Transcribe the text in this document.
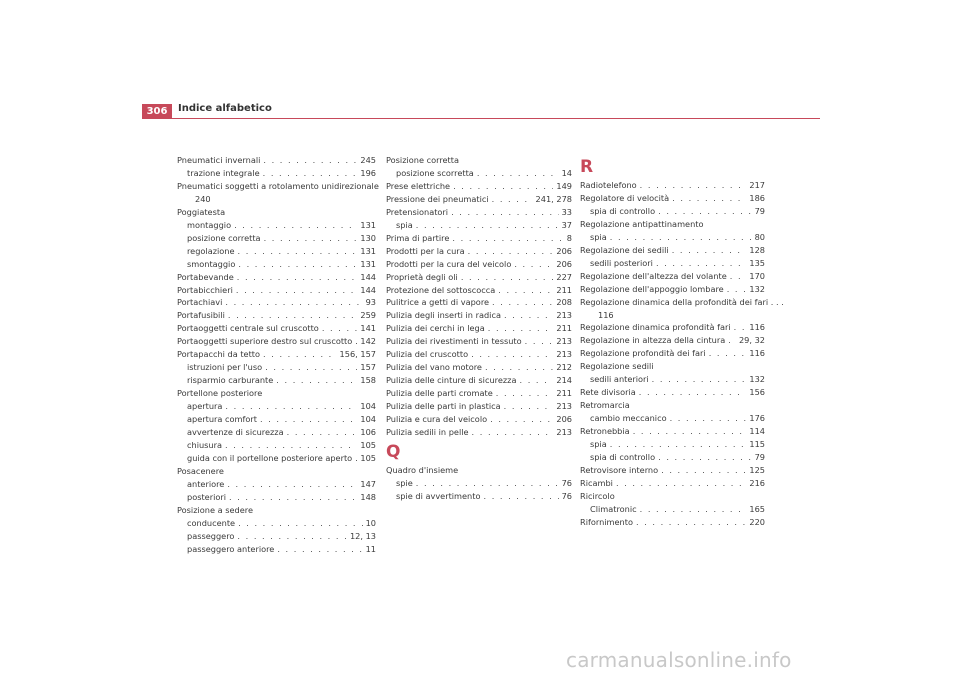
306	Indice alfabetico
Pneumatici invernali . . .	245
trazione integrale . . .	196
Pneumatici soggetti a rotolamento unidirezionale
240
Poggiatesta
montaggio . . .	131
posizione corretta . . .	130
regolazione . . .	131
smontaggio . . .	131
Portabevande . . .	144
Portabicchieri . . .	144
Portachiavi . . .	93
Portafusibili . . .	259
Portaoggetti centrale sul cruscotto . . .	141
Portaoggetti superiore destro sul cruscotto . . . 142
Portapacchi da tetto . . .	156, 157
istruzioni per l'uso . . .	157
risparmio carburante . . .	158
Portellone posteriore
apertura . . .	104
apertura comfort . . .	104
avvertenze di sicurezza . . .	106
chiusura . . .	105
guida con il portellone posteriore aperto . . . 105
Posacenere
anteriore . . .	147
posteriori . . .	148
Posizione a sedere
conducente . . .	10
passeggero . . .	12, 13
passeggero anteriore . . .	11
Posizione corretta
posizione scorretta . . .	14
Prese elettriche . . .	149
Pressione dei pneumatici . . .	241, 278
Pretensionatori . . .	33
spia . . .	37
Prima di partire . . .	8
Prodotti per la cura . . .	206
Prodotti per la cura del veicolo . . .	206
Proprietà degli oli . . .	227
Protezione del sottoscocca . . .	211
Pulitrice a getti di vapore . . .	208
Pulizia degli inserti in radica . . .	213
Pulizia dei cerchi in lega . . .	211
Pulizia dei rivestimenti in tessuto . . .	213
Pulizia del cruscotto . . .	213
Pulizia del vano motore . . .	212
Pulizia delle cinture di sicurezza . . .	214
Pulizia delle parti cromate . . .	211
Pulizia delle parti in plastica . . .	213
Pulizia e cura del veicolo . . .	206
Pulizia sedili in pelle . . .	213
Q
Quadro d'insieme
spie . . .	76
spie di avvertimento . . .	76
R
Radiotelefono . . .	217
Regolatore di velocità . . .	186
spia di controllo . . .	79
Regolazione antipattinamento
spia . . .	80
Regolazione dei sedili . . .	128
sedili posteriori . . .	135
Regolazione dell'altezza del volante . . .	170
Regolazione dell'appoggio lombare . . .	132
Regolazione dinamica della profondità dei fari . . .
116
Regolazione dinamica profondità fari . . . 116
Regolazione in altezza della cintura . . . 29, 32
Regolazione profondità dei fari . . .	116
Regolazione sedili
sedili anteriori . . .	132
Rete divisoria . . .	156
Retromarcia
cambio meccanico . . .	176
Retronebbia . . .	114
spia . . .	115
spia di controllo . . .	79
Retrovisore interno . . .	125
Ricambi . . .	216
Ricircolo
Climatronic . . .	165
Rifornimento . . .	220
carmanualsonline.info
